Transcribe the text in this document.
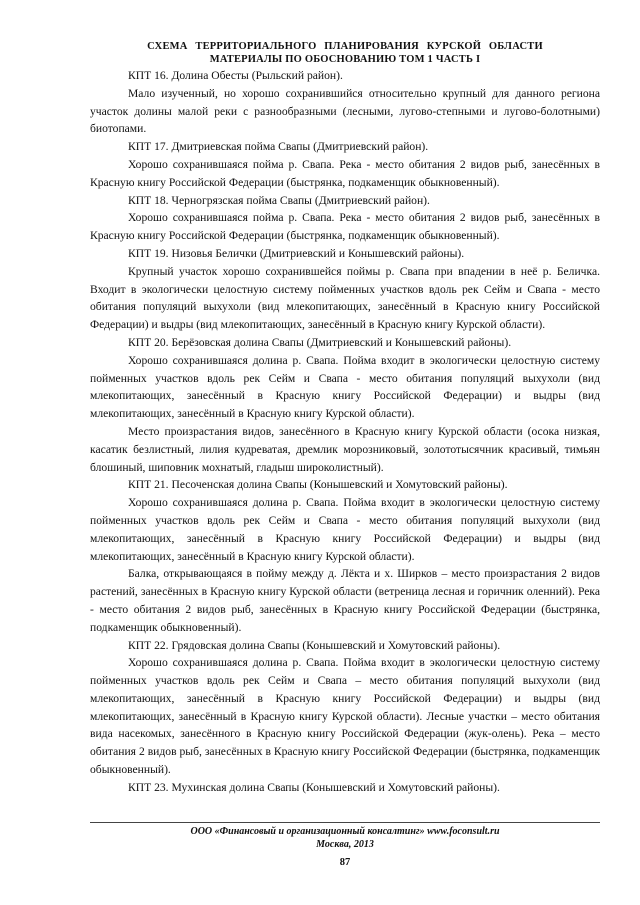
СХЕМА ТЕРРИТОРИАЛЬНОГО ПЛАНИРОВАНИЯ КУРСКОЙ ОБЛАСТИ
МАТЕРИАЛЫ ПО ОБОСНОВАНИЮ ТОМ 1 ЧАСТЬ I

КПТ 16. Долина Обесты (Рыльский район).

Мало изученный, но хорошо сохранившийся относительно крупный для данного региона участок долины малой реки с разнообразными (лесными, лугово-степными и лугово-болотными) биотопами.

КПТ 17. Дмитриевская пойма Свапы (Дмитриевский район).

Хорошо сохранившаяся пойма р. Свапа. Река - место обитания 2 видов рыб, занесённых в Красную книгу Российской Федерации (быстрянка, подкаменщик обыкновенный).

КПТ 18. Черногрязская пойма Свапы (Дмитриевский район).

Хорошо сохранившаяся пойма р. Свапа. Река - место обитания 2 видов рыб, занесённых в Красную книгу Российской Федерации (быстрянка, подкаменщик обыкновенный).

КПТ 19. Низовья Белички (Дмитриевский и Конышевский районы).

Крупный участок хорошо сохранившейся поймы р. Свапа при впадении в неё р. Беличка. Входит в экологически целостную систему пойменных участков вдоль рек Сейм и Свапа - место обитания популяций выхухоли (вид млекопитающих, занесённый в Красную книгу Российской Федерации) и выдры (вид млекопитающих, занесённый в Красную книгу Курской области).

КПТ 20. Берёзовская долина Свапы (Дмитриевский и Конышевский районы).

Хорошо сохранившаяся долина р. Свапа. Пойма входит в экологически целостную систему пойменных участков вдоль рек Сейм и Свапа - место обитания популяций выхухоли (вид млекопитающих, занесённый в Красную книгу Российской Федерации) и выдры (вид млекопитающих, занесённый в Красную книгу Курской области).

Место произрастания видов, занесённого в Красную книгу Курской области (осока низкая, касатик безлистный, лилия кудреватая, дремлик морозниковый, золототысячник красивый, тимьян блошиный, шиповник мохнатый, гладыш широколистный).

КПТ 21. Песоченская долина Свапы (Конышевский и Хомутовский районы).

Хорошо сохранившаяся долина р. Свапа. Пойма входит в экологически целостную систему пойменных участков вдоль рек Сейм и Свапа - место обитания популяций выхухоли (вид млекопитающих, занесённый в Красную книгу Российской Федерации) и выдры (вид млекопитающих, занесённый в Красную книгу Курской области).

Балка, открывающаяся в пойму между д. Лёкта и х. Ширков – место произрастания 2 видов растений, занесённых в Красную книгу Курской области (ветреница лесная и горичник оленний). Река - место обитания 2 видов рыб, занесённых в Красную книгу Российской Федерации (быстрянка, подкаменщик обыкновенный).

КПТ 22. Грядовская долина Свапы (Конышевский и Хомутовский районы).

Хорошо сохранившаяся долина р. Свапа. Пойма входит в экологически целостную систему пойменных участков вдоль рек Сейм и Свапа – место обитания популяций выхухоли (вид млекопитающих, занесённый в Красную книгу Российской Федерации) и выдры (вид млекопитающих, занесённый в Красную книгу Курской области). Лесные участки – место обитания вида насекомых, занесённого в Красную книгу Российской Федерации (жук-олень). Река – место обитания 2 видов рыб, занесённых в Красную книгу Российской Федерации (быстрянка, подкаменщик обыкновенный).

КПТ 23. Мухинская долина Свапы (Конышевский и Хомутовский районы).

ООО «Финансовый и организационный консалтинг» www.foconsult.ru
Москва, 2013
87
